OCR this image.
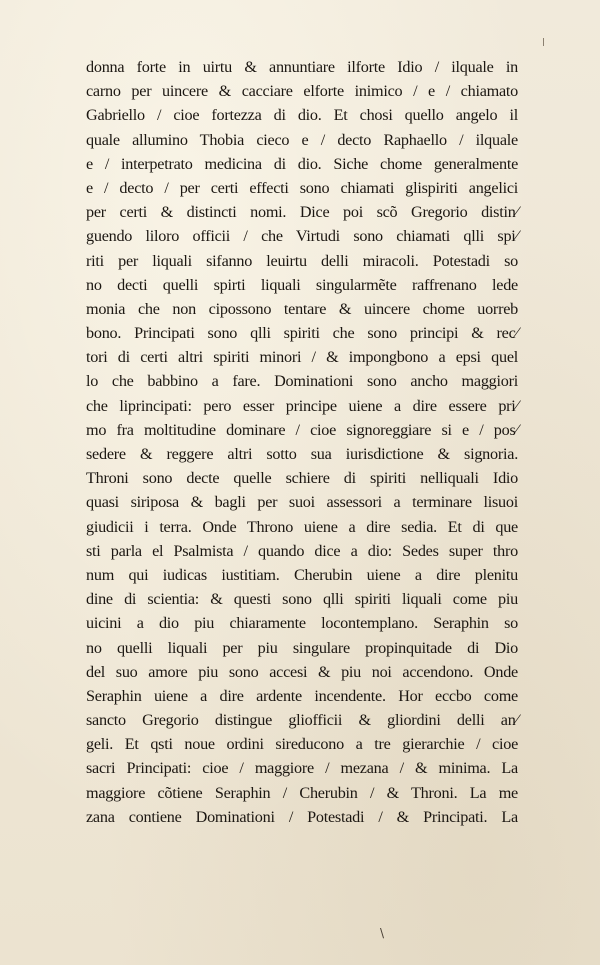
donna forte in uirtu & annuntiare ilforte Idio / ilquale in
carno per uincere & cacciare elforte inimico / e / chiamato
Gabriello / cioe fortezza di dio. Et chosi quello angelo il
quale allumino Thobia cieco e / decto Raphaello / ilquale
e / interpetrato medicina di dio. Siche chome generalmente
e / decto / per certi effecti sono chiamati glispiriti angelici
per certi & distincti nomi. Dice poi scõ Gregorio distin⁄
guendo liloro officii / che Virtudi sono chiamati qlli spi⁄
riti per liquali sifanno leuirtu delli miracoli. Potestadi so
no decti quelli spirti liquali singularmẽte raffrenano lede
monia che non cipossono tentare & uincere chome uorreb
bono. Principati sono qlli spiriti che sono principi & rec⁄
tori di certi altri spiriti minori / & impongbono a epsi quel
lo che babbino a fare. Dominationi sono ancho maggiori
che liprincipati: pero esser principe uiene a dire essere pri⁄
mo fra moltitudine dominare / cioe signoreggiare si e / pos⁄
sedere & reggere altri sotto sua iurisdictione & signoria.
Throni sono decte quelle schiere di spiriti nelliquali Idio
quasi siriposa & bagli per suoi assessori a terminare lisuoi
giudicii i terra. Onde Throno uiene a dire sedia. Et di que
sti parla el Psalmista / quando dice a dio: Sedes super thro
num qui iudicas iustitiam. Cherubin uiene a dire plenitu
dine di scientia: & questi sono qlli spiriti liquali come piu
uicini a dio piu chiaramente locontemplano. Seraphin so
no quelli liquali per piu singulare propinquitade di Dio
del suo amore piu sono accesi & piu noi accendono. Onde
Seraphin uiene a dire ardente incendente. Hor eccbo come
sancto Gregorio distingue gliofficii & gliordini delli an⁄
geli. Et qsti noue ordini sireducono a tre gierarchie / cioe
sacri Principati: cioe / maggiore / mezana / & minima. La
maggiore cõtiene Seraphin / Cherubin / & Throni. La me
zana contiene Dominationi / Potestadi / & Principati. La
\
